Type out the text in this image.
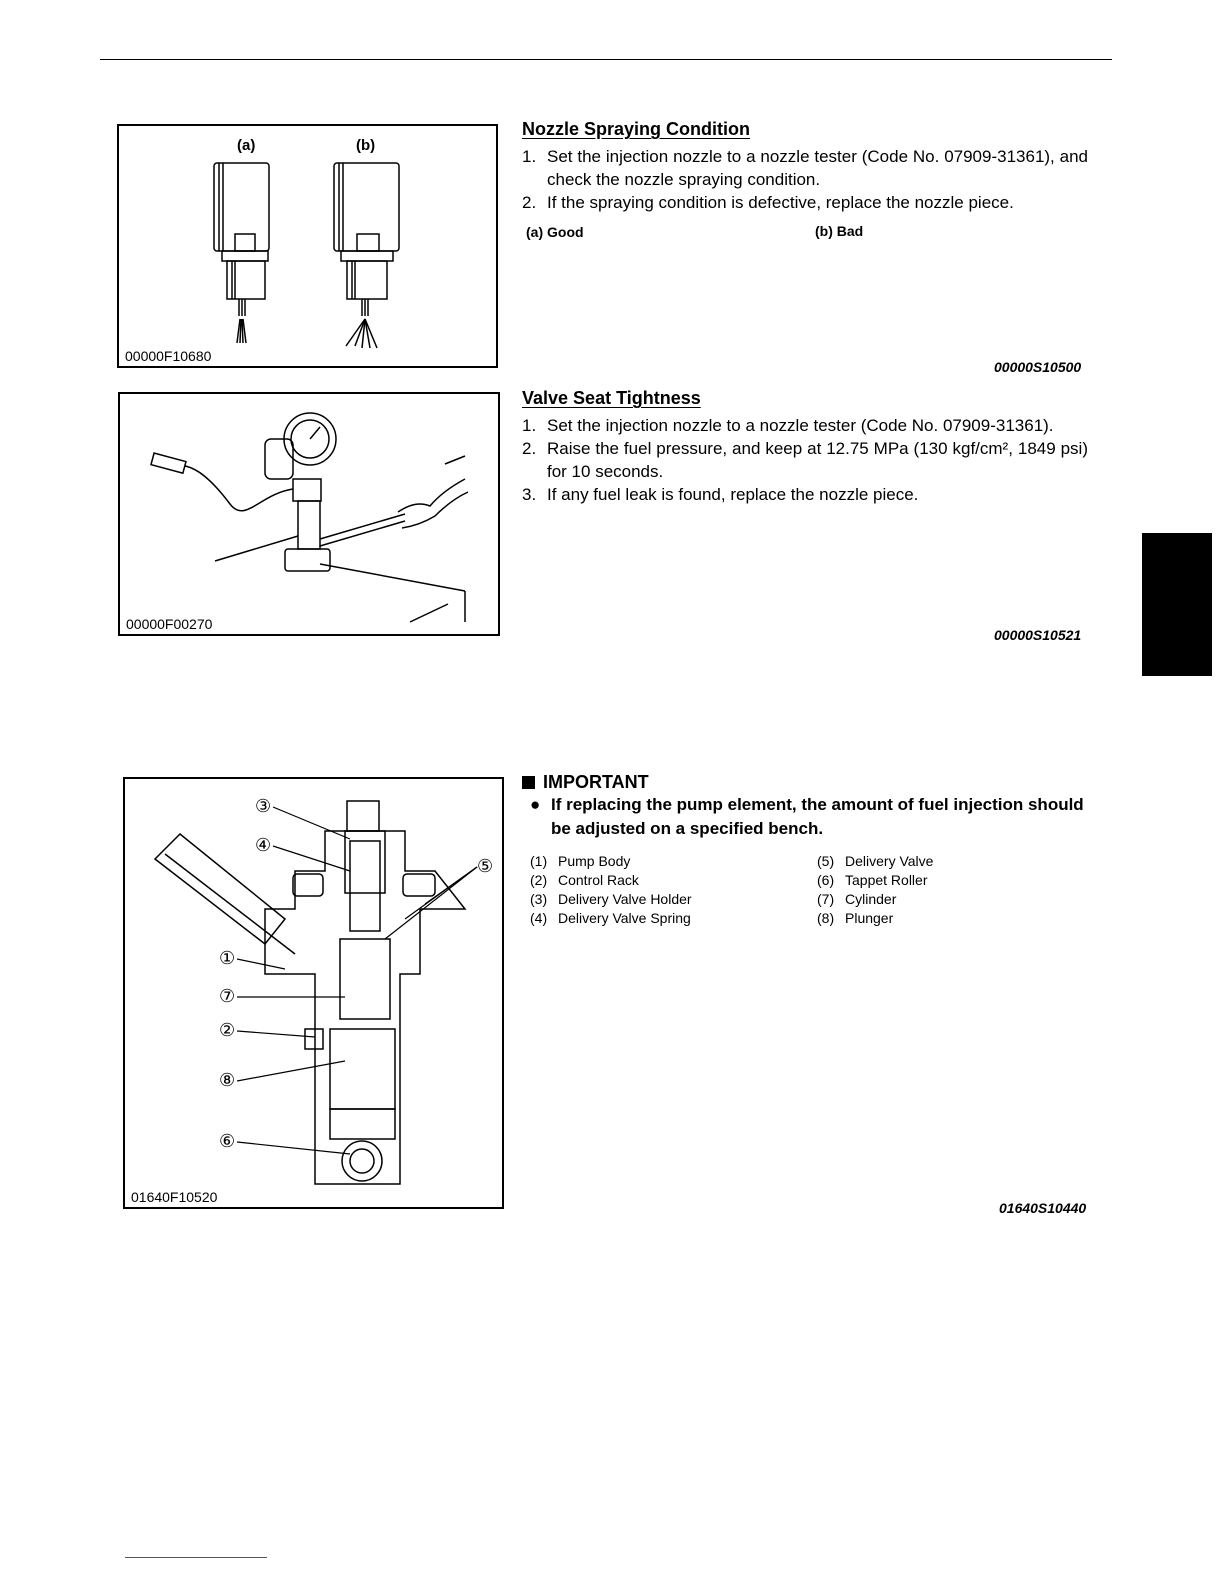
(a)	(b)
00000F10680
00000F00270
③
④
⑤
①
⑦
②
⑧
⑥
01640F10520
Nozzle Spraying Condition
1. Set the injection nozzle to a nozzle tester (Code No. 07909-31361), and check the nozzle spraying condition.
2. If the spraying condition is defective, replace the nozzle piece.
(a) Good	(b) Bad
00000S10500
Valve Seat Tightness
1. Set the injection nozzle to a nozzle tester (Code No. 07909-31361).
2. Raise the fuel pressure, and keep at 12.75 MPa (130 kgf/cm², 1849 psi) for 10 seconds.
3. If any fuel leak is found, replace the nozzle piece.
00000S10521
IMPORTANT
● If replacing the pump element, the amount of fuel injection should be adjusted on a specified bench.
(1) Pump Body
(2) Control Rack
(3) Delivery Valve Holder
(4) Delivery Valve Spring
(5) Delivery Valve
(6) Tappet Roller
(7) Cylinder
(8) Plunger
01640S10440
